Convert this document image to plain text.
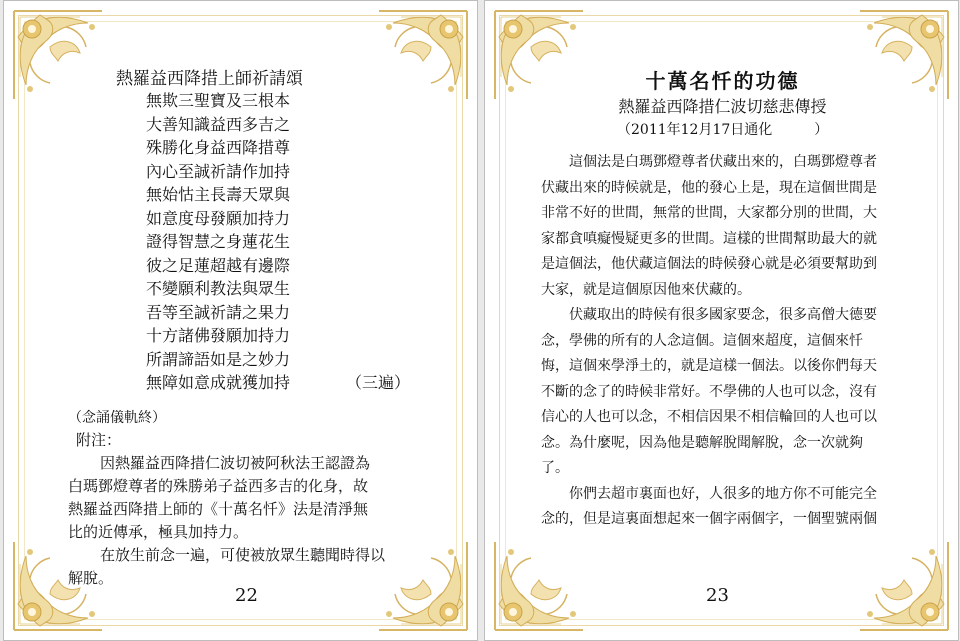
熱羅益西降措上師祈請頌
無欺三聖寶及三根本
大善知識益西多吉之
殊勝化身益西降措尊
內心至誠祈請作加持
無始怙主長壽天眾與
如意度母發願加持力
證得智慧之身蓮花生
彼之足蓮超越有邊際
不變願利教法與眾生
吾等至誠祈請之果力
十方諸佛發願加持力
所謂諦語如是之妙力
無障如意成就獲加持	（三遍）
（念誦儀軌終）
附注：
因熱羅益西降措仁波切被阿秋法王認證為
白瑪鄧燈尊者的殊勝弟子益西多吉的化身，故
熱羅益西降措上師的《十萬名忏》法是清淨無
比的近傳承，極具加持力。
在放生前念一遍，可使被放眾生聽聞時得以
解脫。
22
十萬名忏的功德
熱羅益西降措仁波切慈悲傳授
（2011年12月17日通化　　　）
這個法是白瑪鄧燈尊者伏藏出來的，白瑪鄧燈尊者
伏藏出來的時候就是，他的發心上是，現在這個世間是
非常不好的世間，無常的世間，大家都分別的世間，大
家都貪嗔癡慢疑更多的世間。這樣的世間幫助最大的就
是這個法，他伏藏這個法的時候發心就是必須要幫助到
大家，就是這個原因他來伏藏的。
伏藏取出的時候有很多國家要念，很多高僧大德要
念，學佛的所有的人念這個。這個來超度，這個來忏
悔，這個來學淨土的，就是這樣一個法。以後你們每天
不斷的念了的時候非常好。不學佛的人也可以念，沒有
信心的人也可以念，不相信因果不相信輪回的人也可以
念。為什麼呢，因為他是聽解脫聞解脫，念一次就夠
了。
你們去超市裏面也好，人很多的地方你不可能完全
念的，但是這裏面想起來一個字兩個字，一個聖號兩個
23
